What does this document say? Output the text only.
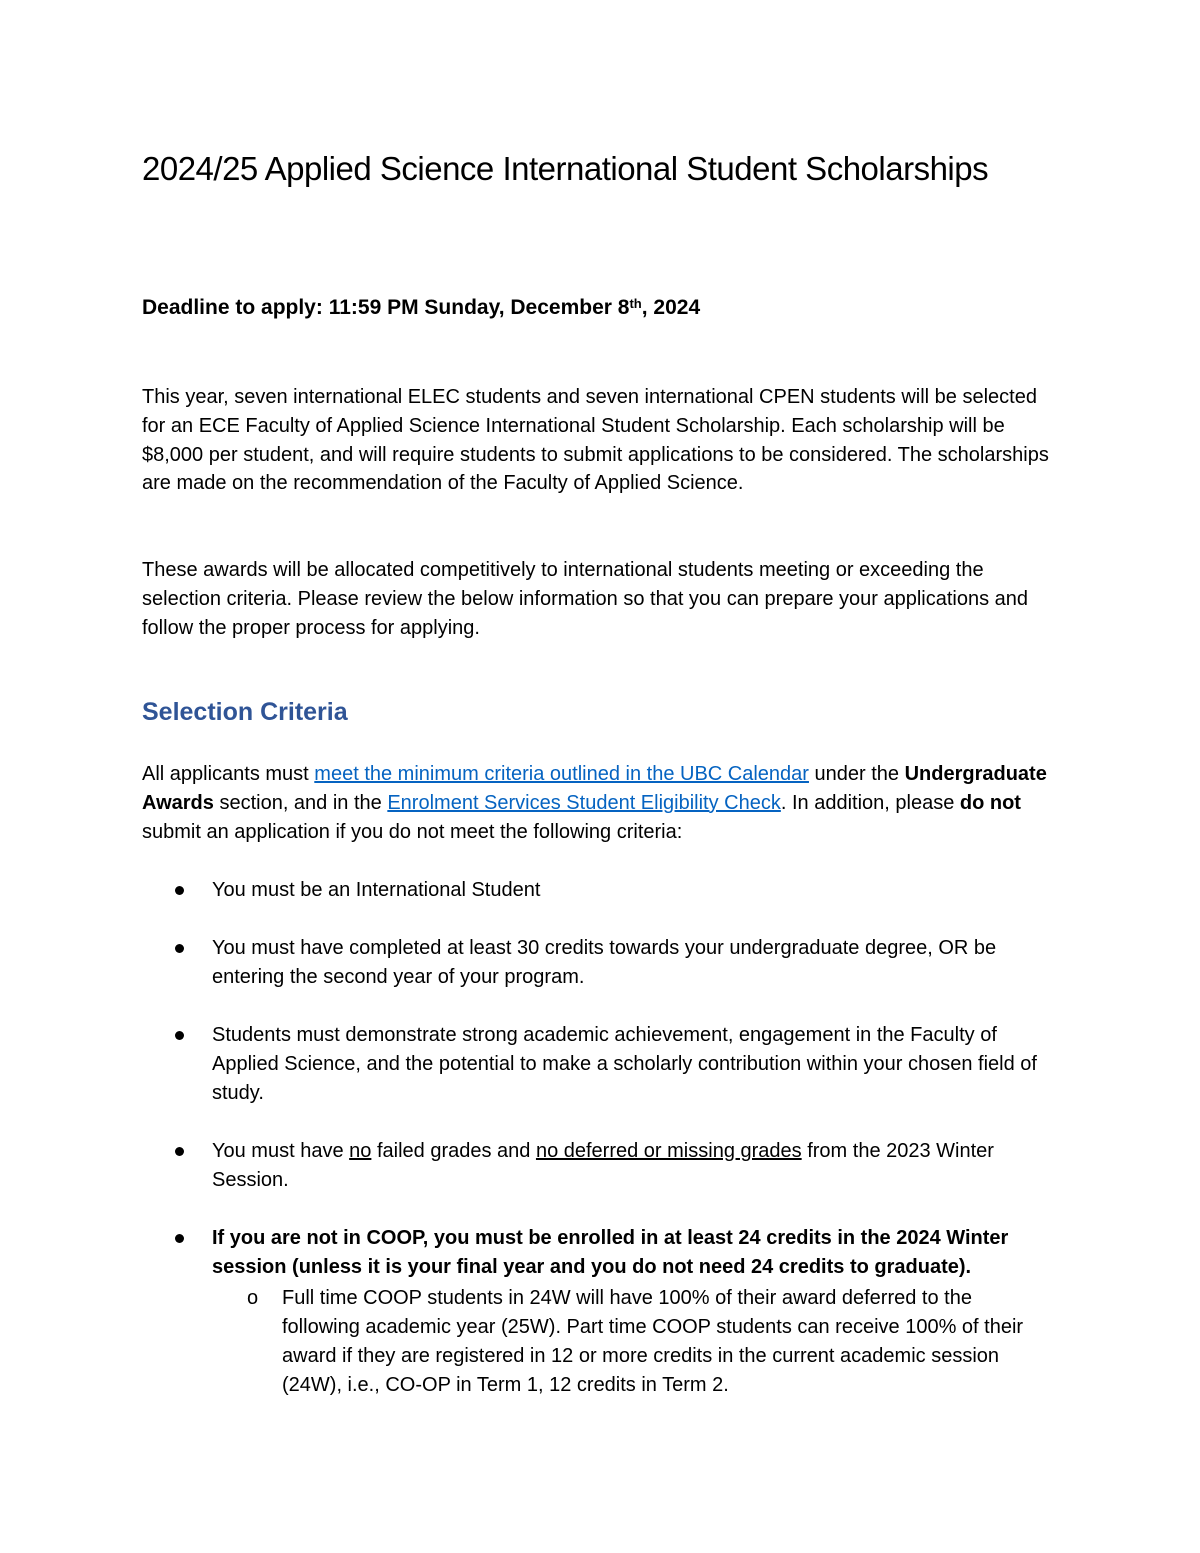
2024/25 Applied Science International Student Scholarships

Deadline to apply: 11:59 PM Sunday, December 8th, 2024

This year, seven international ELEC students and seven international CPEN students will be selected for an ECE Faculty of Applied Science International Student Scholarship. Each scholarship will be $8,000 per student, and will require students to submit applications to be considered. The scholarships are made on the recommendation of the Faculty of Applied Science.

These awards will be allocated competitively to international students meeting or exceeding the selection criteria. Please review the below information so that you can prepare your applications and follow the proper process for applying.

Selection Criteria

All applicants must meet the minimum criteria outlined in the UBC Calendar under the Undergraduate Awards section, and in the Enrolment Services Student Eligibility Check. In addition, please do not submit an application if you do not meet the following criteria:

You must be an International Student
You must have completed at least 30 credits towards your undergraduate degree, OR be entering the second year of your program.
Students must demonstrate strong academic achievement, engagement in the Faculty of Applied Science, and the potential to make a scholarly contribution within your chosen field of study.
You must have no failed grades and no deferred or missing grades from the 2023 Winter Session.
If you are not in COOP, you must be enrolled in at least 24 credits in the 2024 Winter session (unless it is your final year and you do not need 24 credits to graduate).
o Full time COOP students in 24W will have 100% of their award deferred to the following academic year (25W). Part time COOP students can receive 100% of their award if they are registered in 12 or more credits in the current academic session (24W), i.e., CO-OP in Term 1, 12 credits in Term 2.
